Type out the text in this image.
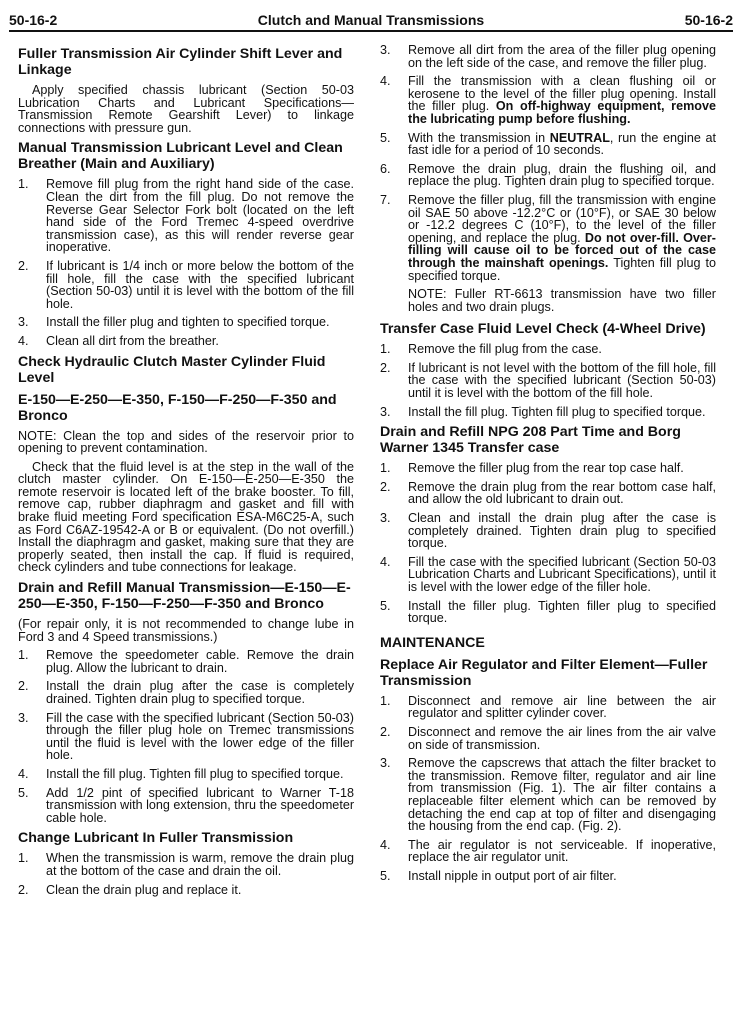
50-16-2	Clutch and Manual Transmissions	50-16-2
Fuller Transmission Air Cylinder Shift Lever and Linkage

Apply specified chassis lubricant (Section 50-03 Lubrication Charts and Lubricant Specifications—Transmission Remote Gearshift Lever) to linkage connections with pressure gun.

Manual Transmission Lubricant Level and Clean Breather (Main and Auxiliary)
1.	Remove fill plug from the right hand side of the case. Clean the dirt from the fill plug. Do not remove the Reverse Gear Selector Fork bolt (located on the left hand side of the Ford Tremec 4-speed overdrive transmission case), as this will render reverse gear inoperative.
2.	If lubricant is 1/4 inch or more below the bottom of the fill hole, fill the case with the specified lubricant (Section 50-03) until it is level with the bottom of the fill hole.
3.	Install the filler plug and tighten to specified torque.
4.	Clean all dirt from the breather.
Check Hydraulic Clutch Master Cylinder Fluid Level
E-150—E-250—E-350, F-150—F-250—F-350 and Bronco

NOTE: Clean the top and sides of the reservoir prior to opening to prevent contamination.

Check that the fluid level is at the step in the wall of the clutch master cylinder. On E-150—E-250—E-350 the remote reservoir is located left of the brake booster. To fill, remove cap, rubber diaphragm and gasket and fill with brake fluid meeting Ford specification ESA-M6C25-A, such as Ford C6AZ-19542-A or B or equivalent. (Do not overfill.) Install the diaphragm and gasket, making sure that they are properly seated, then install the cap. If fluid is required, check cylinders and tube connections for leakage.

Drain and Refill Manual Transmission—E-150—E-250—E-350, F-150—F-250—F-350 and Bronco

(For repair only, it is not recommended to change lube in Ford 3 and 4 Speed transmissions.)

1.	Remove the speedometer cable. Remove the drain plug. Allow the lubricant to drain.
2.	Install the drain plug after the case is completely drained. Tighten drain plug to specified torque.
3.	Fill the case with the specified lubricant (Section 50-03) through the filler plug hole on Tremec transmissions until the fluid is level with the lower edge of the filler hole.
4.	Install the fill plug. Tighten fill plug to specified torque.
5.	Add 1/2 pint of specified lubricant to Warner T-18 transmission with long extension, thru the speedometer cable hole.
Change Lubricant In Fuller Transmission
1.	When the transmission is warm, remove the drain plug at the bottom of the case and drain the oil.
2.	Clean the drain plug and replace it.
3.	Remove all dirt from the area of the filler plug opening on the left side of the case, and remove the filler plug.
4.	Fill the transmission with a clean flushing oil or kerosene to the level of the filler plug opening. Install the filler plug. On off-highway equipment, remove the lubricating pump before flushing.
5.	With the transmission in NEUTRAL, run the engine at fast idle for a period of 10 seconds.
6.	Remove the drain plug, drain the flushing oil, and replace the plug. Tighten drain plug to specified torque.
7.	Remove the filler plug, fill the transmission with engine oil SAE 50 above -12.2°C or (10°F), or SAE 30 below or -12.2 degrees C (10°F), to the level of the filler opening, and replace the plug. Do not over-fill. Over-filling will cause oil to be forced out of the case through the mainshaft openings. Tighten fill plug to specified torque.
NOTE: Fuller RT-6613 transmission have two filler holes and two drain plugs.
Transfer Case Fluid Level Check (4-Wheel Drive)
1.	Remove the fill plug from the case.
2.	If lubricant is not level with the bottom of the fill hole, fill the case with the specified lubricant (Section 50-03) until it is level with the bottom of the fill hole.
3.	Install the fill plug. Tighten fill plug to specified torque.
Drain and Refill NPG 208 Part Time and Borg Warner 1345 Transfer case
1.	Remove the filler plug from the rear top case half.
2.	Remove the drain plug from the rear bottom case half, and allow the old lubricant to drain out.
3.	Clean and install the drain plug after the case is completely drained. Tighten drain plug to specified torque.
4.	Fill the case with the specified lubricant (Section 50-03 Lubrication Charts and Lubricant Specifications), until it is level with the lower edge of the filler hole.
5.	Install the filler plug. Tighten filler plug to specified torque.
MAINTENANCE
Replace Air Regulator and Filter Element—Fuller Transmission
1.	Disconnect and remove air line between the air regulator and splitter cylinder cover.
2.	Disconnect and remove the air lines from the air valve on side of transmission.
3.	Remove the capscrews that attach the filter bracket to the transmission. Remove filter, regulator and air line from transmission (Fig. 1). The air filter contains a replaceable filter element which can be removed by detaching the end cap at top of filter and disengaging the housing from the end cap. (Fig. 2).
4.	The air regulator is not serviceable. If inoperative, replace the air regulator unit.
5.	Install nipple in output port of air filter.
